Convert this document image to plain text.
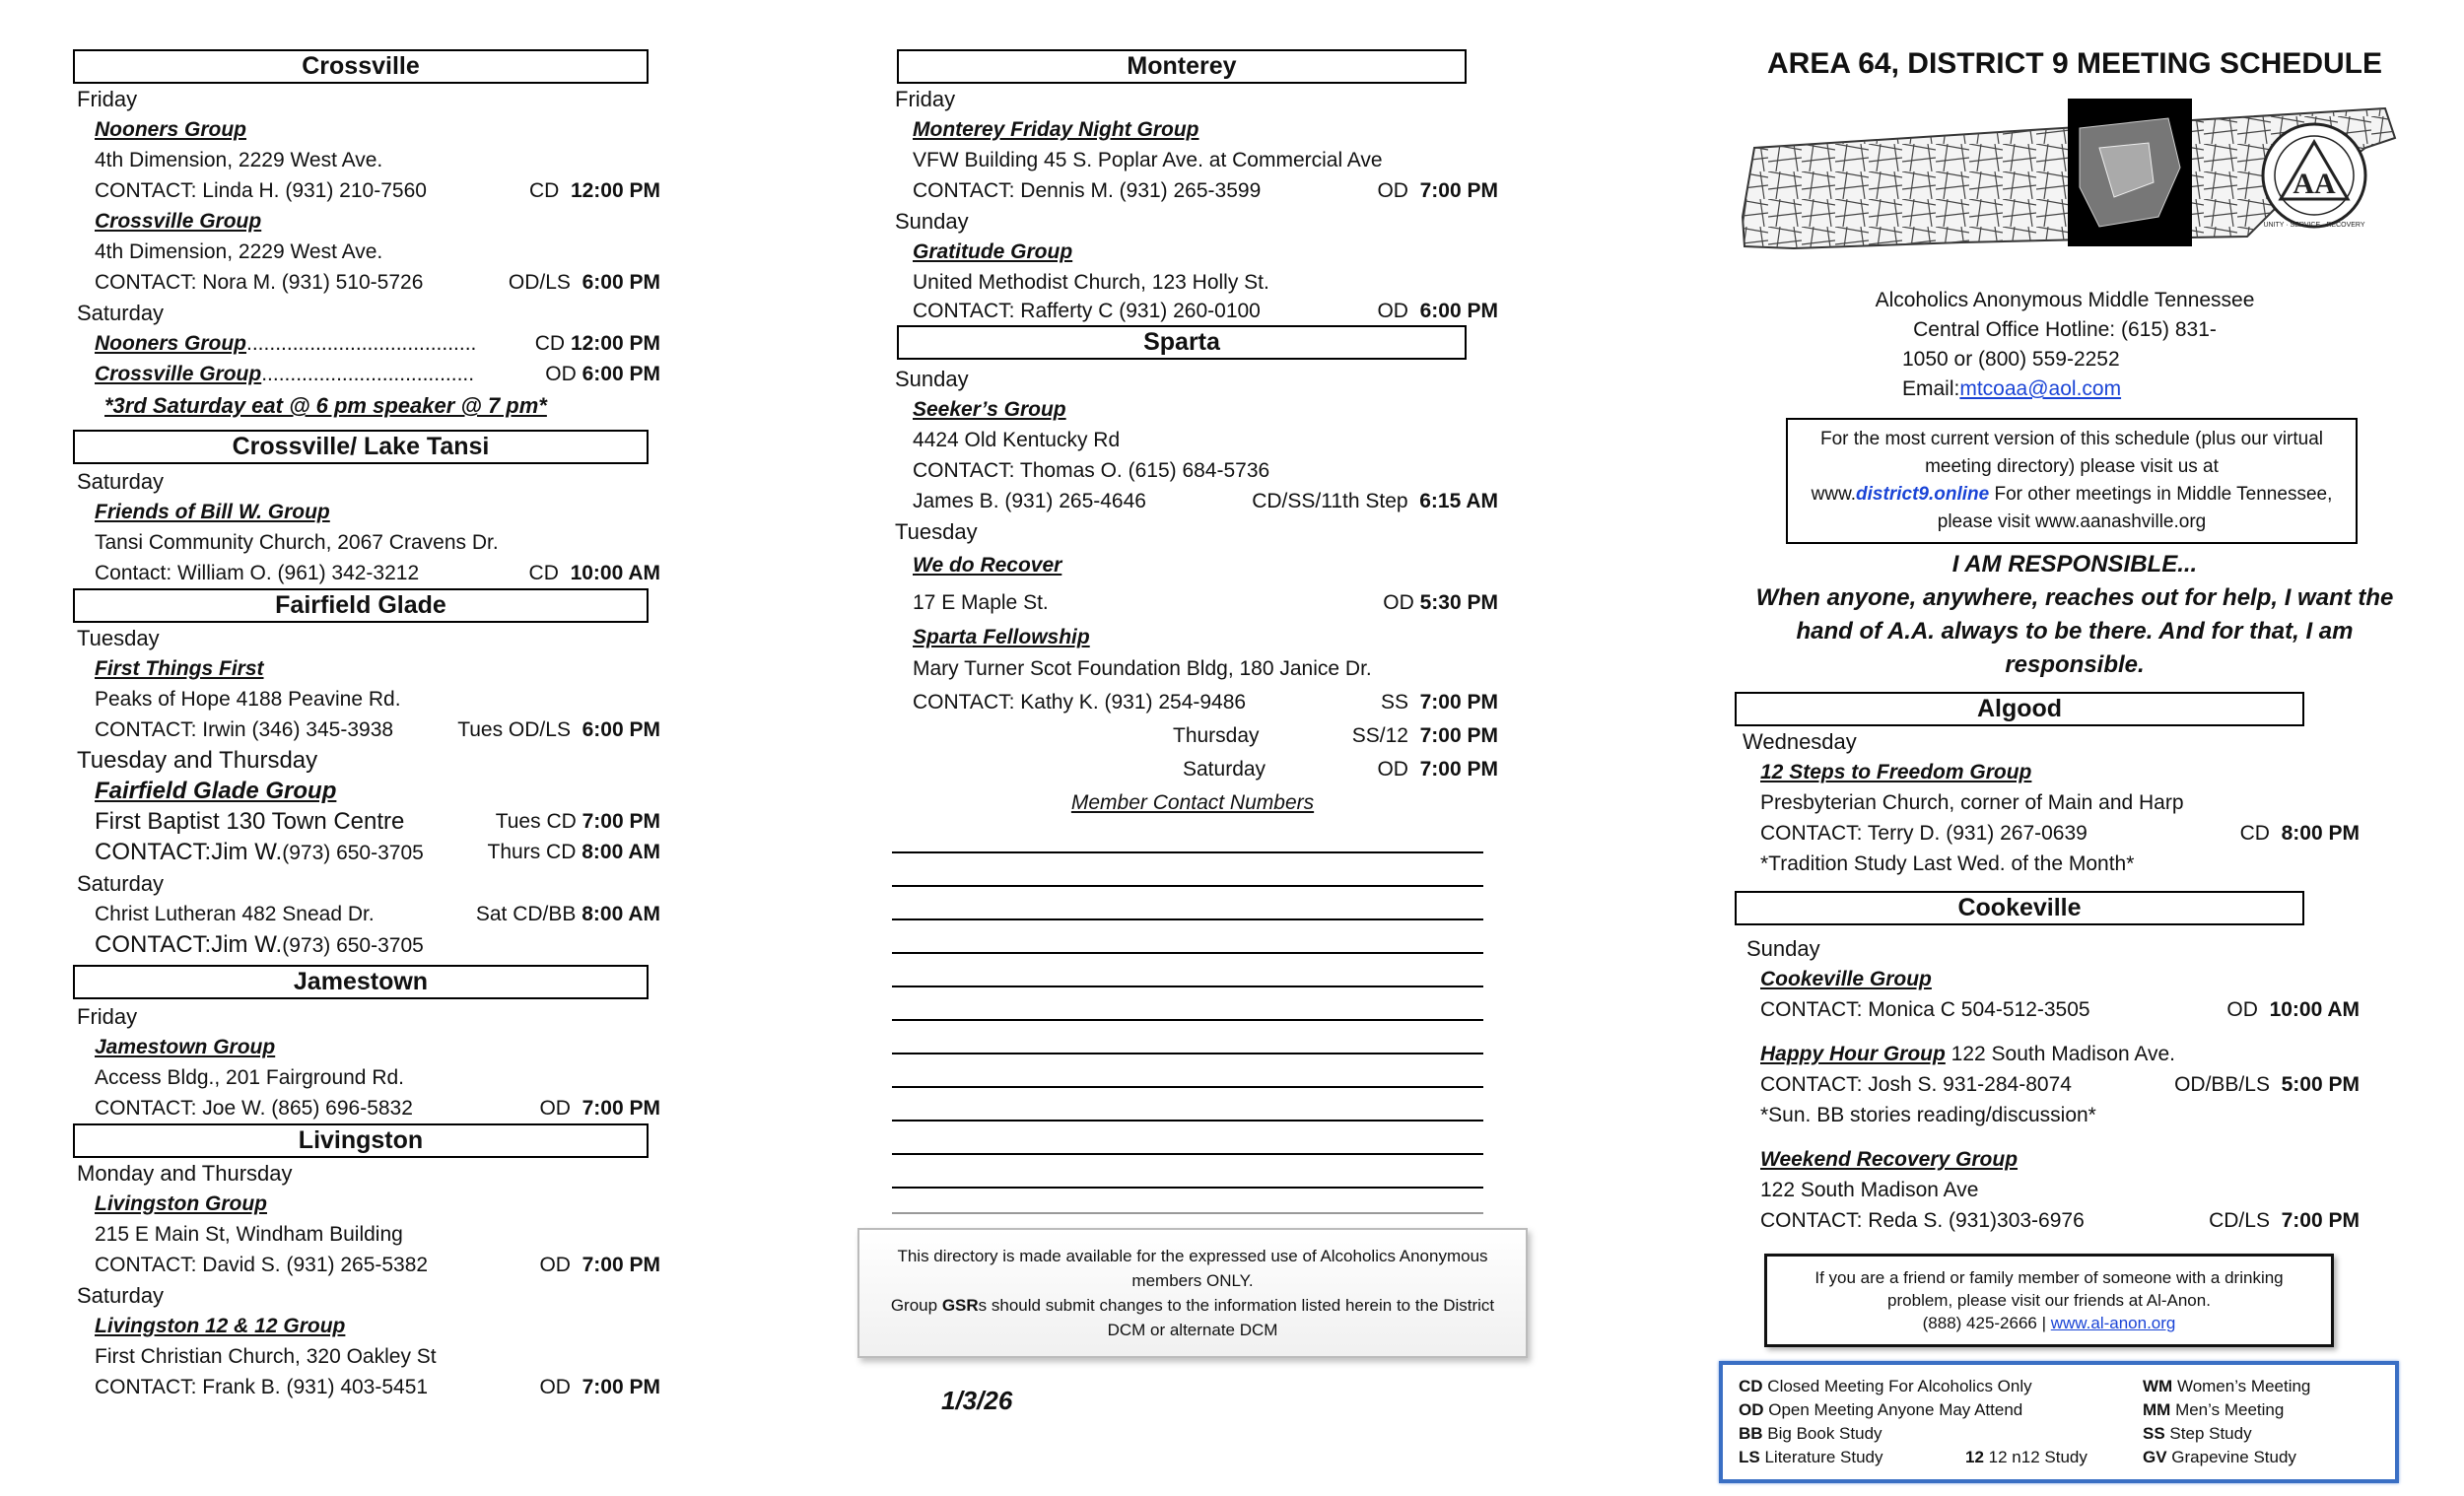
Crossville
Friday
Nooners Group
4th Dimension, 2229 West Ave.
CONTACT: Linda H. (931) 210-7560	CD 12:00 PM
Crossville Group
4th Dimension, 2229 West Ave.
CONTACT: Nora M. (931) 510-5726	OD/LS 6:00 PM
Saturday
Nooners Group........................................	CD 12:00 PM
Crossville Group.....................................	OD 6:00 PM
*3rd Saturday eat @ 6 pm speaker @ 7 pm*
Crossville/ Lake Tansi
Saturday
Friends of Bill W. Group
Tansi Community Church, 2067 Cravens Dr.
Contact: William O. (961) 342-3212	CD 10:00 AM
Fairfield Glade
Tuesday
First Things First
Peaks of Hope 4188 Peavine Rd.
CONTACT: Irwin (346) 345-3938	Tues OD/LS 6:00 PM
Tuesday and Thursday
Fairfield Glade Group
First Baptist 130 Town Centre	Tues CD 7:00 PM
CONTACT:Jim W.(973) 650-3705	Thurs CD 8:00 AM
Saturday
Christ Lutheran 482 Snead Dr.	Sat CD/BB 8:00 AM
CONTACT:Jim W.(973) 650-3705
Jamestown
Friday
Jamestown Group
Access Bldg., 201 Fairground Rd.
CONTACT: Joe W. (865) 696-5832	OD 7:00 PM
Livingston
Monday and Thursday
Livingston Group
215 E Main St, Windham Building
CONTACT: David S. (931) 265-5382	OD 7:00 PM
Saturday
Livingston 12 & 12 Group
First Christian Church, 320 Oakley St
CONTACT: Frank B. (931) 403-5451	OD 7:00 PM
Monterey
Friday
Monterey Friday Night Group
VFW Building 45 S. Poplar Ave. at Commercial Ave
CONTACT: Dennis M. (931) 265-3599	OD 7:00 PM
Sunday
Gratitude Group
United Methodist Church, 123 Holly St.
CONTACT: Rafferty C (931) 260-0100	OD 6:00 PM
Sparta
Sunday
Seeker’s Group
4424 Old Kentucky Rd
CONTACT: Thomas O. (615) 684-5736
James B. (931) 265-4646	CD/SS/11th Step 6:15 AM
Tuesday
We do Recover
17 E Maple St.	OD 5:30 PM
Sparta Fellowship
Mary Turner Scot Foundation Bldg, 180 Janice Dr.
CONTACT: Kathy K. (931) 254-9486	SS 7:00 PM
Thursday	SS/12 7:00 PM

Saturday	OD 7:00 PM

Member Contact Numbers
This directory is made available for the expressed use of Alcoholics Anonymous members ONLY.
Group GSRs should submit changes to the information listed herein to the District DCM or alternate DCM
1/3/26
AREA 64, DISTRICT 9 MEETING SCHEDULE
AA
UNITY · SERVICE · RECOVERY
Alcoholics Anonymous Middle Tennessee
Central Office Hotline: (615) 831-
1050 or (800) 559-2252
Email:mtcoaa@aol.com
For the most current version of this schedule (plus our virtual meeting directory) please visit us at
www.district9.online For other meetings in Middle Tennessee, please visit www.aanashville.org
I AM RESPONSIBLE...
When anyone, anywhere, reaches out for help, I want the hand of A.A. always to be there. And for that, I am responsible.
Algood
Wednesday
12 Steps to Freedom Group
Presbyterian Church, corner of Main and Harp
CONTACT: Terry D. (931) 267-0639	CD 8:00 PM
*Tradition Study Last Wed. of the Month*
Cookeville
Sunday
Cookeville Group
CONTACT: Monica C 504-512-3505	OD 10:00 AM
Happy Hour Group 122 South Madison Ave.
CONTACT: Josh S. 931-284-8074	OD/BB/LS 5:00 PM
*Sun. BB stories reading/discussion*
Weekend Recovery Group
122 South Madison Ave
CONTACT: Reda S. (931)303-6976	CD/LS 7:00 PM
If you are a friend or family member of someone with a drinking problem, please visit our friends at Al-Anon.
(888) 425-2666 | www.al-anon.org
CD Closed Meeting For Alcoholics Only	WM Women’s Meeting
OD Open Meeting Anyone May Attend	MM Men’s Meeting
BB Big Book Study	SS Step Study
LS Literature Study	12 12 n12 Study	GV Grapevine Study
